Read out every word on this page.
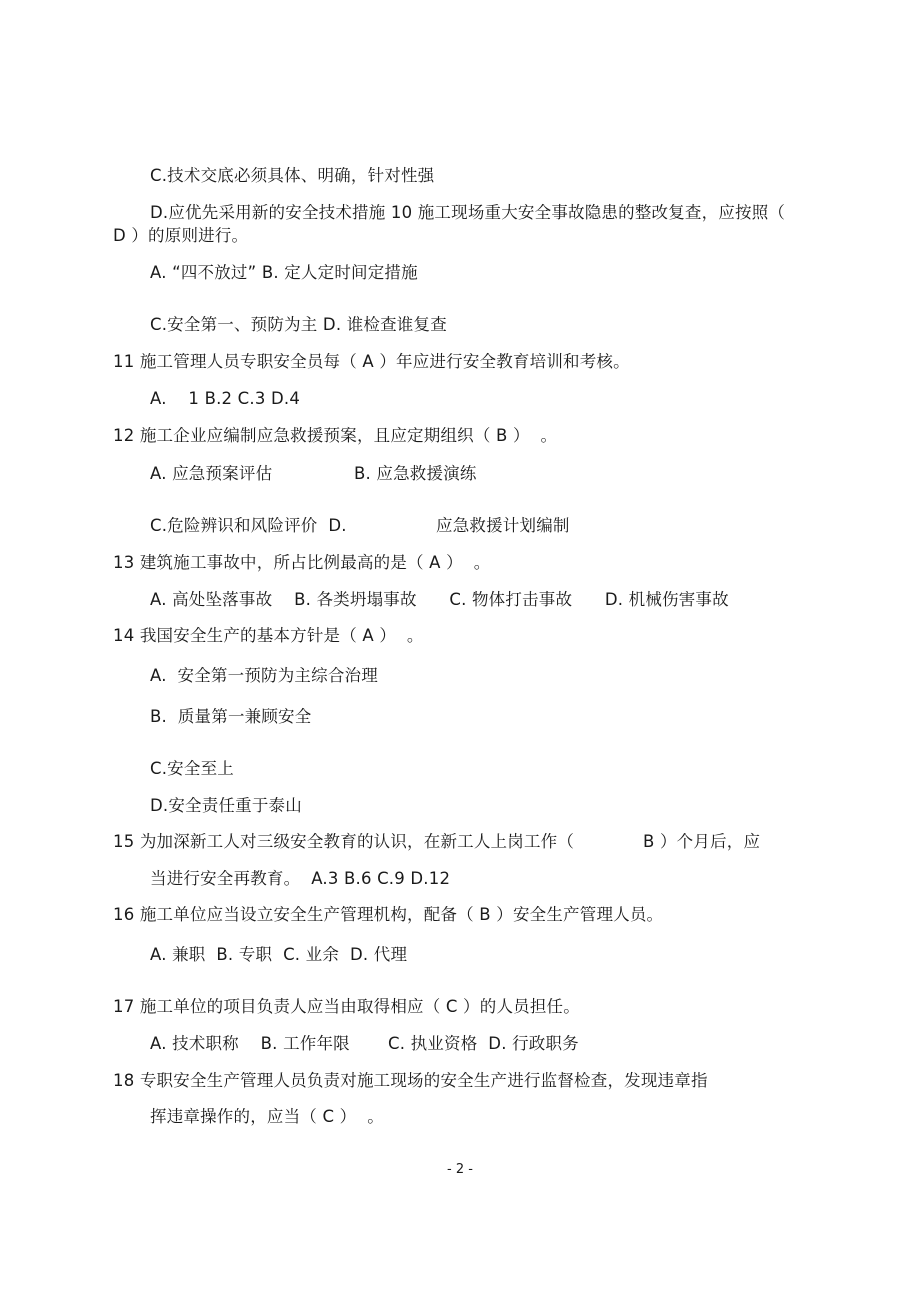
C.技术交底必须具体、明确，针对性强
D.应优先采用新的安全技术措施 10 施工现场重大安全事故隐患的整改复查，应按照（
D ）的原则进行。
A. “四不放过” B. 定人定时间定措施
C.安全第一、预防为主 D. 谁检查谁复查
11 施工管理人员专职安全员每（ A ）年应进行安全教育培训和考核。
A.    1 B.2 C.3 D.4
12 施工企业应编制应急救援预案，且应定期组织（ B ）  。
A. 应急预案评估	B. 应急救援演练
C.危险辨识和风险评价  D.	应急救援计划编制
13 建筑施工事故中，所占比例最高的是（ A ）  。
A. 高处坠落事故    B. 各类坍塌事故      C. 物体打击事故      D. 机械伤害事故
14 我国安全生产的基本方针是（ A ）  。
A.  安全第一预防为主综合治理
B.  质量第一兼顾安全
C.安全至上
D.安全责任重于泰山
15 为加深新工人对三级安全教育的认识，在新工人上岗工作（	B ）个月后，应
当进行安全再教育。  A.3 B.6 C.9 D.12
16 施工单位应当设立安全生产管理机构，配备（ B ）安全生产管理人员。
A. 兼职  B. 专职  C. 业余  D. 代理
17 施工单位的项目负责人应当由取得相应（ C ）的人员担任。
A. 技术职称    B. 工作年限       C. 执业资格  D. 行政职务
18 专职安全生产管理人员负责对施工现场的安全生产进行监督检查，发现违章指
挥违章操作的，应当（ C ）  。
- 2 -
